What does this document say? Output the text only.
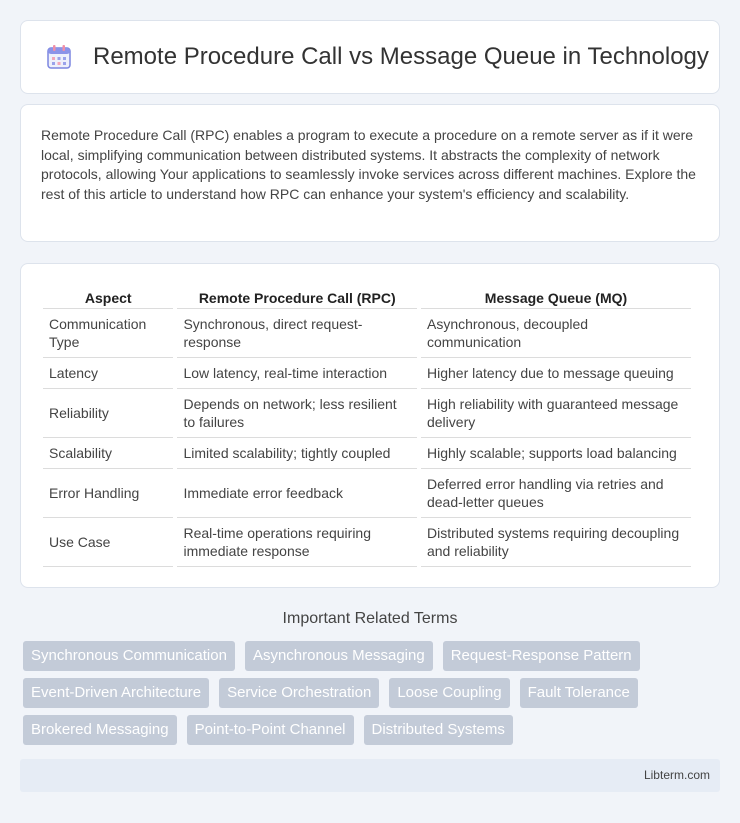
Remote Procedure Call vs Message Queue in Technology

Remote Procedure Call (RPC) enables a program to execute a procedure on a remote server as if it were local, simplifying communication between distributed systems. It abstracts the complexity of network protocols, allowing Your applications to seamlessly invoke services across different machines. Explore the rest of this article to understand how RPC can enhance your system's efficiency and scalability.

Aspect	Remote Procedure Call (RPC)	Message Queue (MQ)
Communication Type	Synchronous, direct request-response	Asynchronous, decoupled communication
Latency	Low latency, real-time interaction	Higher latency due to message queuing
Reliability	Depends on network; less resilient to failures	High reliability with guaranteed message delivery
Scalability	Limited scalability; tightly coupled	Highly scalable; supports load balancing
Error Handling	Immediate error feedback	Deferred error handling via retries and dead-letter queues
Use Case	Real-time operations requiring immediate response	Distributed systems requiring decoupling and reliability
Important Related Terms
Synchronous Communication	Asynchronous Messaging	Request-Response Pattern
Event-Driven Architecture	Service Orchestration	Loose Coupling	Fault Tolerance
Brokered Messaging	Point-to-Point Channel	Distributed Systems
Libterm.com
